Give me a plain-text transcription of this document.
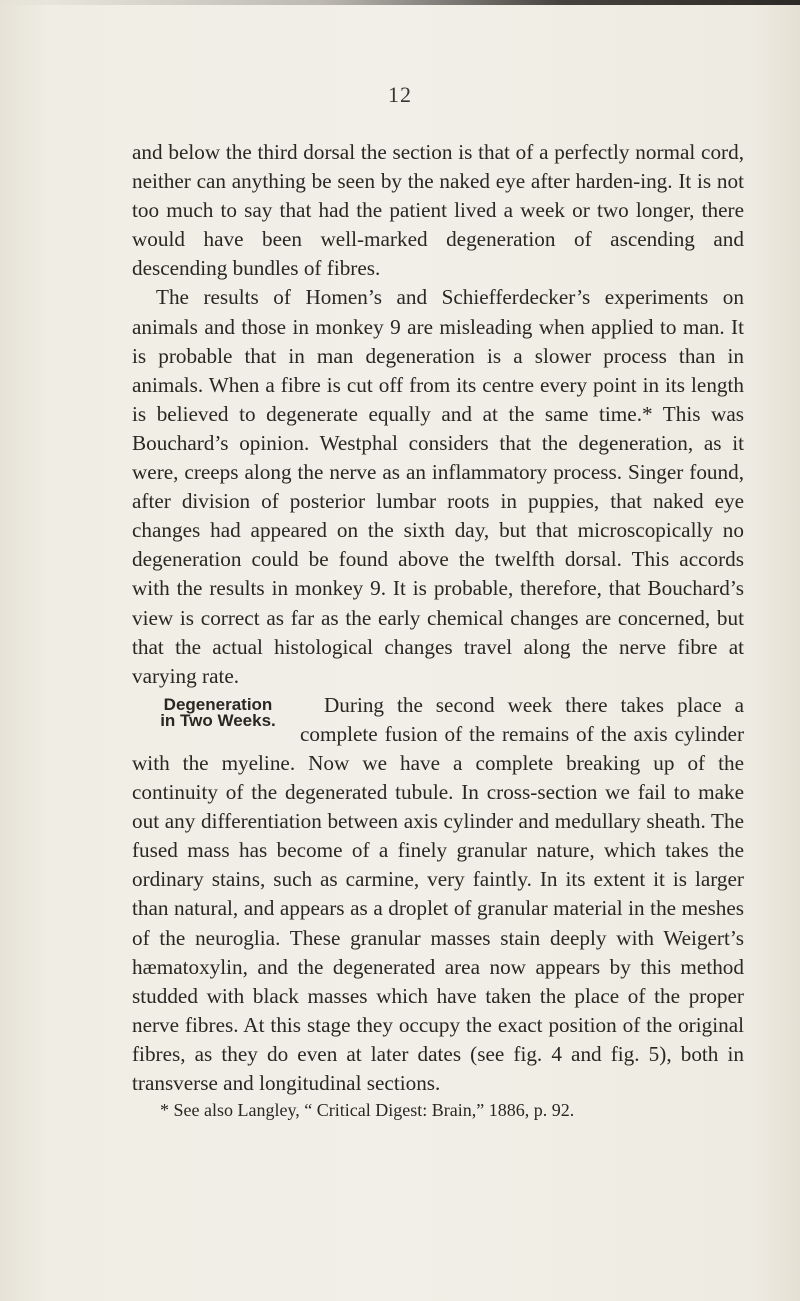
12

and below the third dorsal the section is that of a perfectly normal cord, neither can anything be seen by the naked eye after harden-ing. It is not too much to say that had the patient lived a week or two longer, there would have been well-marked degeneration of ascending and descending bundles of fibres.

The results of Homen’s and Schiefferdecker’s experiments on animals and those in monkey 9 are misleading when applied to man. It is probable that in man degeneration is a slower process than in animals. When a fibre is cut off from its centre every point in its length is believed to degenerate equally and at the same time.* This was Bouchard’s opinion. Westphal considers that the degeneration, as it were, creeps along the nerve as an inflammatory process. Singer found, after division of posterior lumbar roots in puppies, that naked eye changes had appeared on the sixth day, but that microscopically no degeneration could be found above the twelfth dorsal. This accords with the results in monkey 9. It is probable, therefore, that Bouchard’s view is correct as far as the early chemical changes are concerned, but that the actual histological changes travel along the nerve fibre at varying rate.

Degeneration
in Two Weeks.
During the second week there takes place a complete fusion of the remains of the axis cylinder with the myeline. Now we have a complete breaking up of the continuity of the degenerated tubule. In cross-section we fail to make out any differentiation between axis cylinder and medullary sheath. The fused mass has become of a finely granular nature, which takes the ordinary stains, such as carmine, very faintly. In its extent it is larger than natural, and appears as a droplet of granular material in the meshes of the neuroglia. These granular masses stain deeply with Weigert’s hæmatoxylin, and the degenerated area now appears by this method studded with black masses which have taken the place of the proper nerve fibres. At this stage they occupy the exact position of the original fibres, as they do even at later dates (see fig. 4 and fig. 5), both in transverse and longitudinal sections.

* See also Langley, “ Critical Digest: Brain,” 1886, p. 92.
